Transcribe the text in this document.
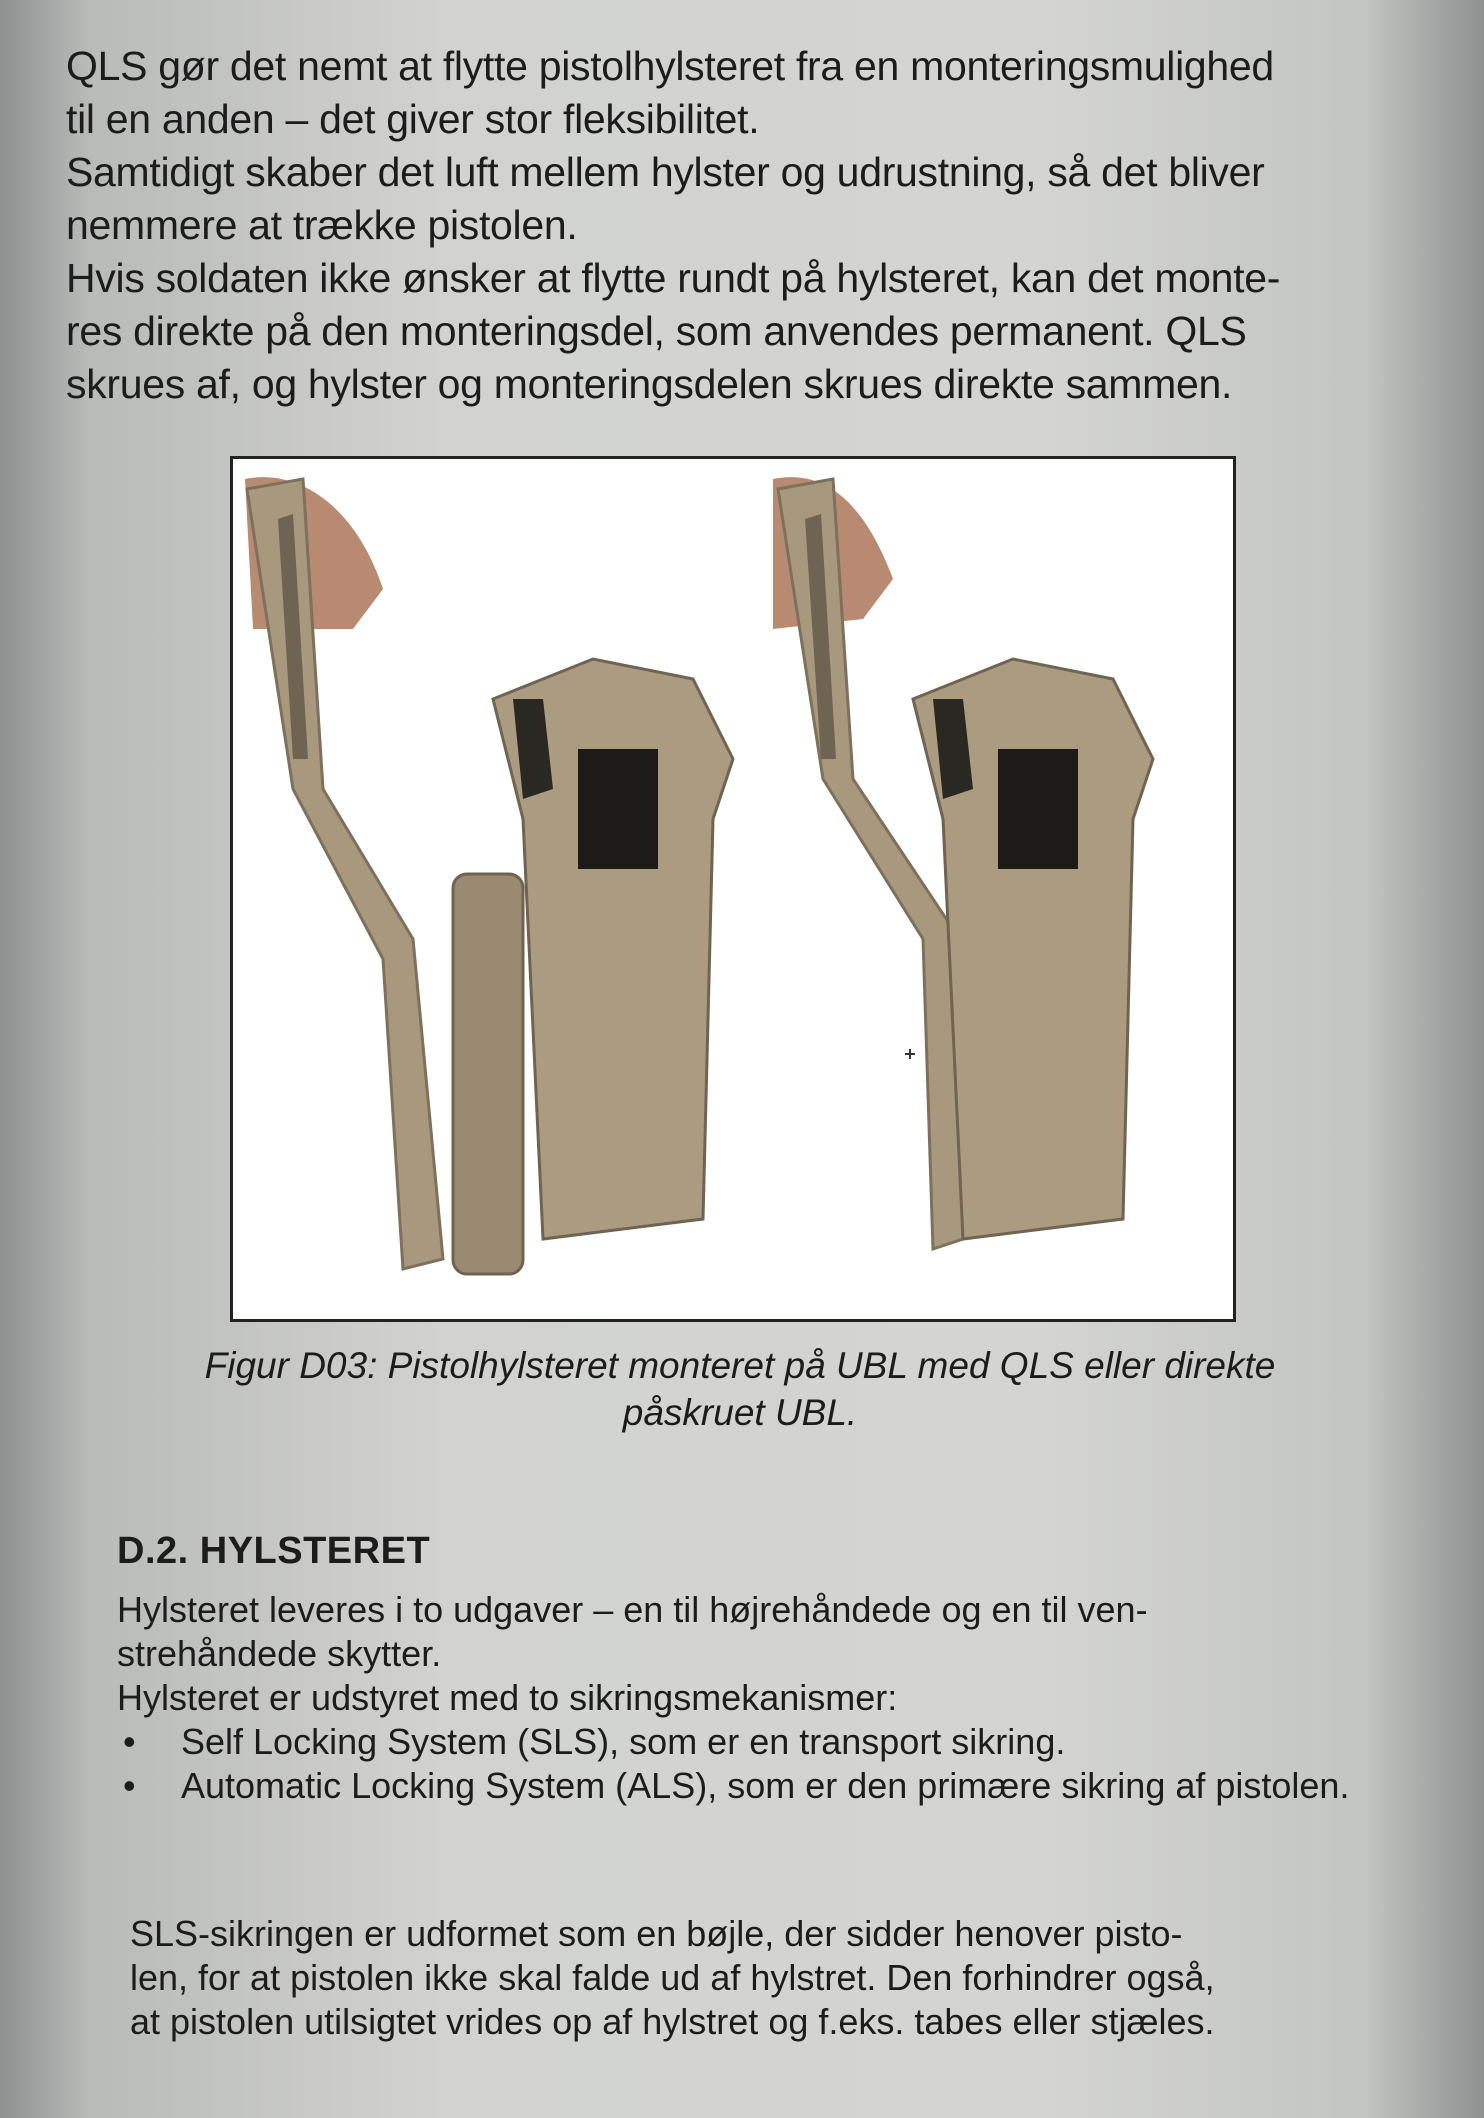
QLS gør det nemt at flytte pistolhylsteret fra en monteringsmulighed

til en anden – det giver stor fleksibilitet.

Samtidigt skaber det luft mellem hylster og udrustning, så det bliver

nemmere at trække pistolen.

Hvis soldaten ikke ønsker at flytte rundt på hylsteret, kan det monte-

res direkte på den monteringsdel, som anvendes permanent. QLS

skrues af, og hylster og monteringsdelen skrues direkte sammen.

Figur D03: Pistolhylsteret monteret på UBL med QLS eller direkte
påskruet UBL.
D.2. HYLSTERET

Hylsteret leveres i to udgaver – en til højrehåndede og en til ven-

strehåndede skytter.

Hylsteret er udstyret med to sikringsmekanismer:

• Self Locking System (SLS), som er en transport sikring.
• Automatic Locking System (ALS), som er den primære sikring af pistolen.

SLS-sikringen er udformet som en bøjle, der sidder henover pisto-

len, for at pistolen ikke skal falde ud af hylstret. Den forhindrer også,

at pistolen utilsigtet vrides op af hylstret og f.eks. tabes eller stjæles.
